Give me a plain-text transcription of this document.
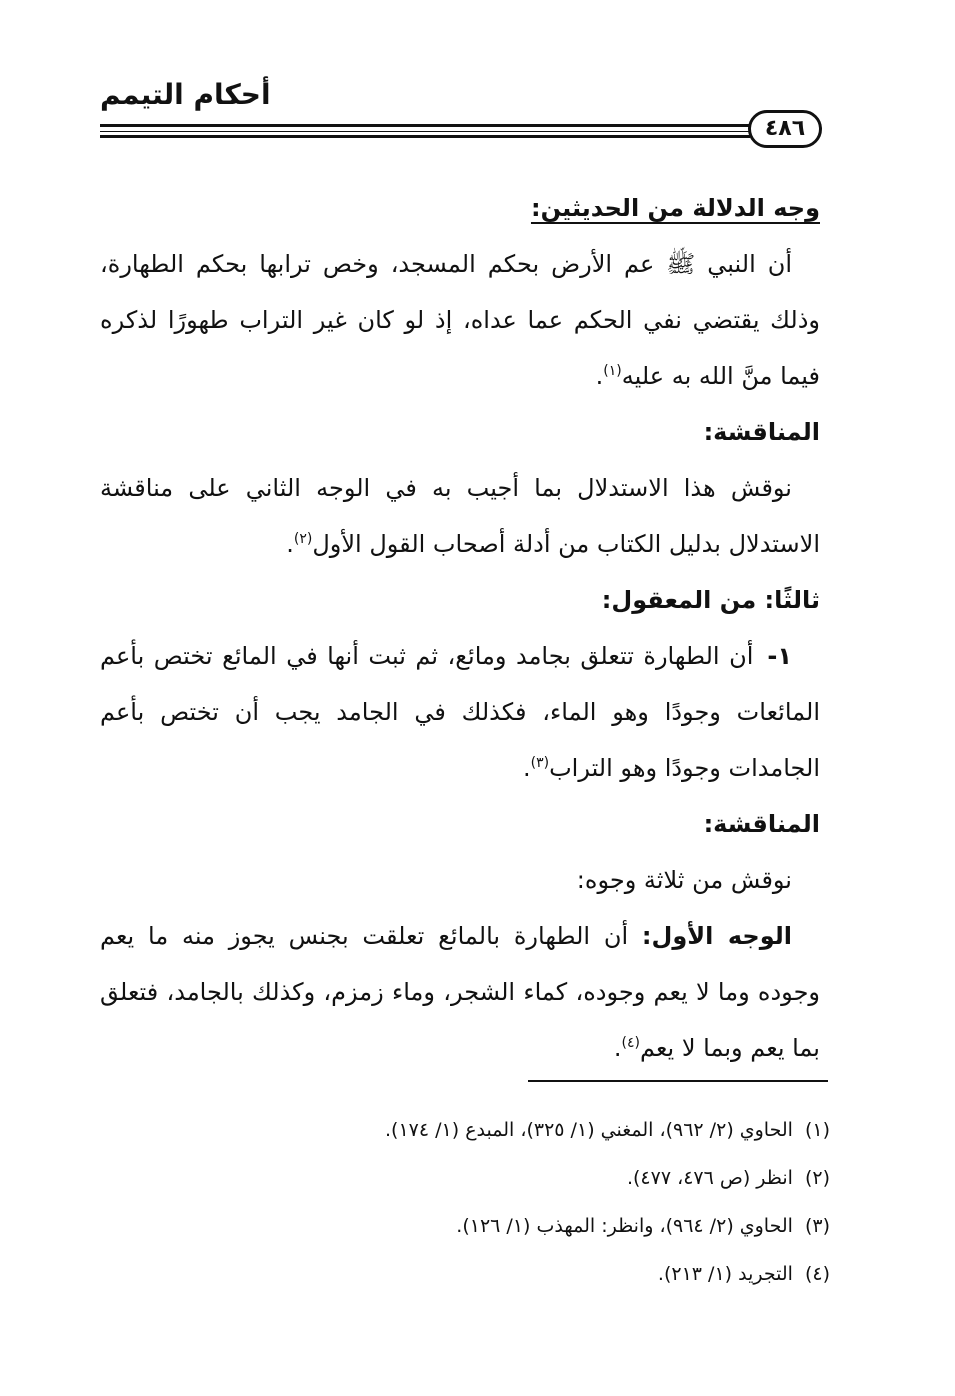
أحكام التيمم
٤٨٦

وجه الدلالة من الحديثين:

أن النبي ﷺ عم الأرض بحكم المسجد، وخص ترابها بحكم الطهارة، وذلك يقتضي نفي الحكم عما عداه، إذ لو كان غير التراب طهورًا لذكره فيما منَّ الله به عليه$^{(١)}$.

المناقشة:

نوقش هذا الاستدلال بما أجيب به في الوجه الثاني على مناقشة الاستدلال بدليل الكتاب من أدلة أصحاب القول الأول$^{(٢)}$.

ثالثًا: من المعقول:

١-أن الطهارة تتعلق بجامد ومائع، ثم ثبت أنها في المائع تختص بأعم المائعات وجودًا وهو الماء، فكذلك في الجامد يجب أن تختص بأعم الجامدات وجودًا وهو التراب$^{(٣)}$.

المناقشة:

نوقش من ثلاثة وجوه:

الوجه الأول: أن الطهارة بالمائع تعلقت بجنس يجوز منه ما يعم وجوده وما لا يعم وجوده، كماء الشجر، وماء زمزم، وكذلك بالجامد، فتعلق بما يعم وبما لا يعم$^{(٤)}$.

(١)الحاوي (٢/ ٩٦٢)، المغني (١/ ٣٢٥)، المبدع (١/ ١٧٤).

(٢)انظر (ص ٤٧٦، ٤٧٧).

(٣)الحاوي (٢/ ٩٦٤)، وانظر: المهذب (١/ ١٢٦).

(٤)التجريد (١/ ٢١٣).
